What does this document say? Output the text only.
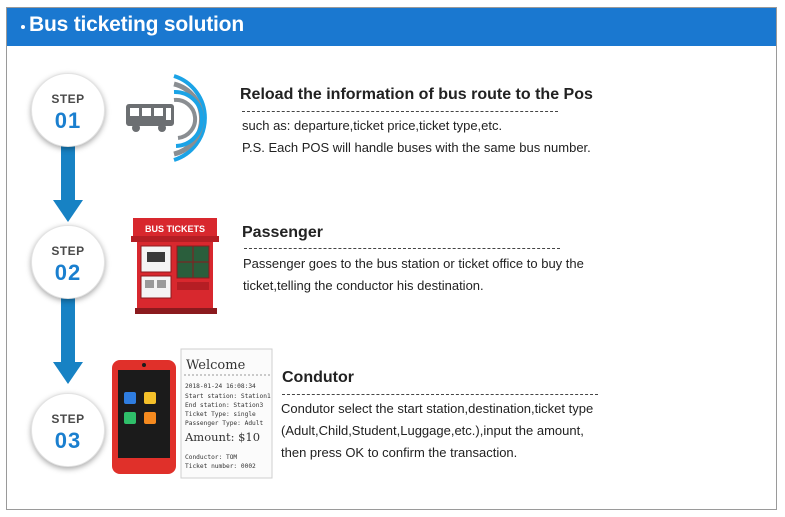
Bus ticketing solution
STEP
01
Reload the information of bus route to the Pos
such as: departure,ticket price,ticket type,etc.
P.S. Each POS will handle buses with the same bus number.
STEP
02
BUS TICKETS Passenger
Passenger goes to the bus station or ticket office to buy the
ticket,telling the conductor his destination.
STEP
03
Welcome
2018-01-24 16:08:34
Start station: Station1
End station: Station3
Ticket Type: single
Passenger Type: Adult
Amount: $10
Conductor: TOM
Ticket number: 0002
Condutor
Condutor select the start station,destination,ticket type
(Adult,Child,Student,Luggage,etc.),input the amount,
then press OK to confirm the transaction.
